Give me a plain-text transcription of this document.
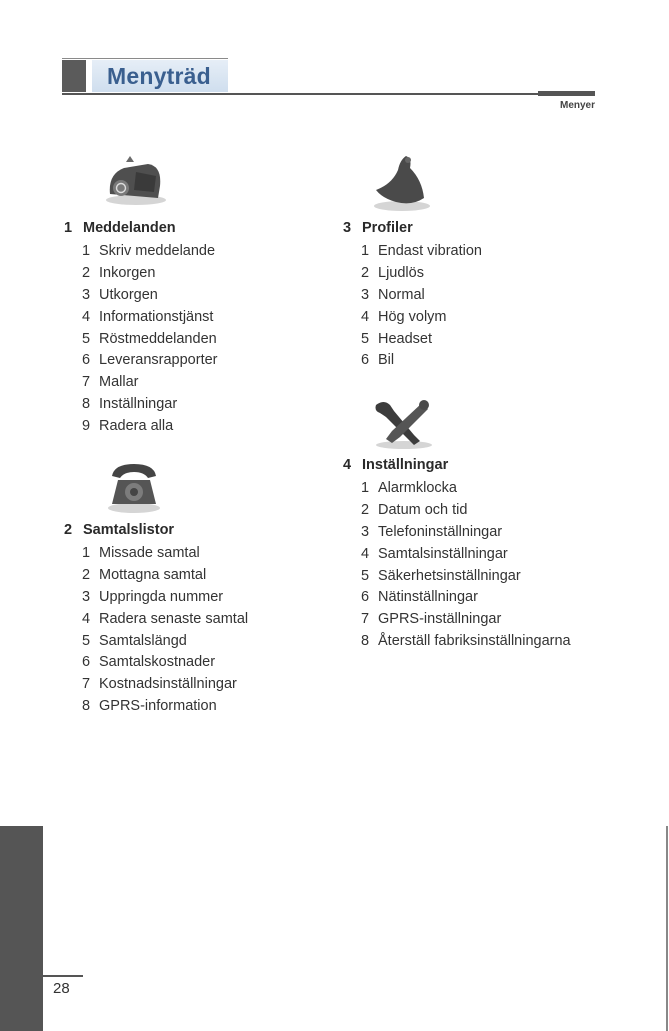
Menyträd
Menyer
1 Meddelanden
1 Skriv meddelande
2 Inkorgen
3 Utkorgen
4 Informationstjänst
5 Röstmeddelanden
6 Leveransrapporter
7 Mallar
8 Inställningar
9 Radera alla
2 Samtalslistor
1 Missade samtal
2 Mottagna samtal
3 Uppringda nummer
4 Radera senaste samtal
5 Samtalslängd
6 Samtalskostnader
7 Kostnadsinställningar
8 GPRS-information
3 Profiler
1 Endast vibration
2 Ljudlös
3 Normal
4 Hög volym
5 Headset
6 Bil
4 Inställningar
1 Alarmklocka
2 Datum och tid
3 Telefoninställningar
4 Samtalsinställningar
5 Säkerhetsinställningar
6 Nätinställningar
7 GPRS-inställningar
8 Återställ fabriksinställningarna
28
